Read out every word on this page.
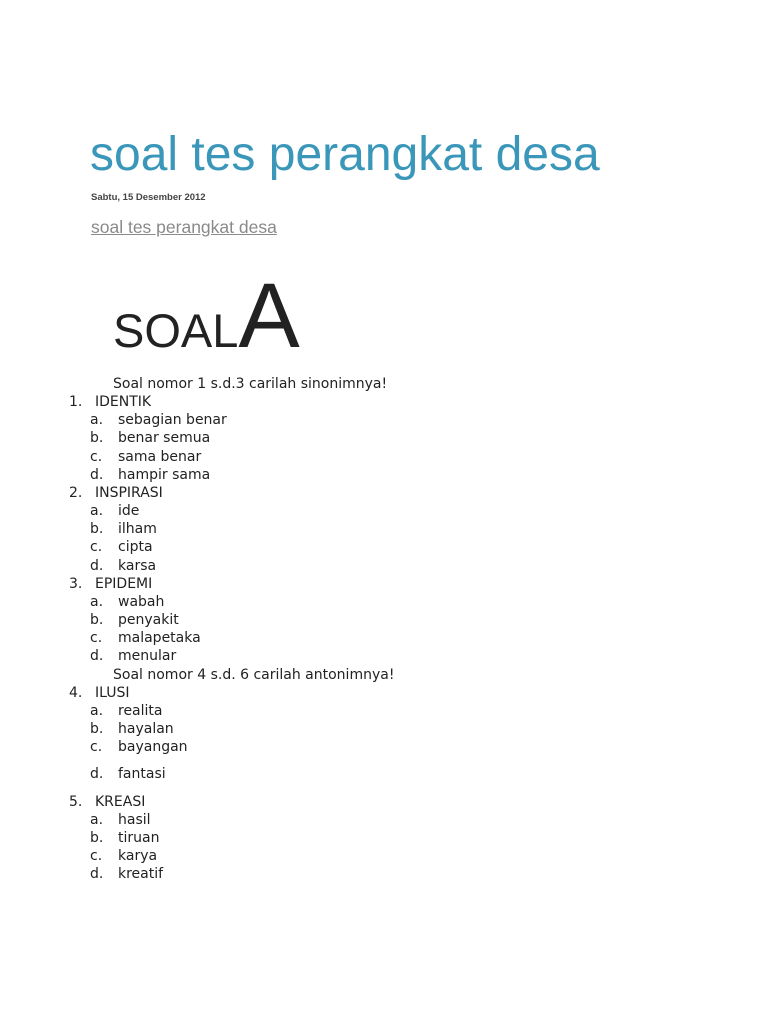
soal tes perangkat desa
Sabtu, 15 Desember 2012
soal tes perangkat desa
SOALA
Soal nomor 1 s.d.3 carilah sinonimnya!
1. IDENTIK
a. sebagian benar
b. benar semua
c. sama benar
d. hampir sama
2. INSPIRASI
a. ide
b. ilham
c. cipta
d. karsa
3. EPIDEMI
a. wabah
b. penyakit
c. malapetaka
d. menular
Soal nomor 4 s.d. 6 carilah antonimnya!
4. ILUSI
a. realita
b. hayalan
c. bayangan
d. fantasi
5. KREASI
a. hasil
b. tiruan
c. karya
d. kreatif
